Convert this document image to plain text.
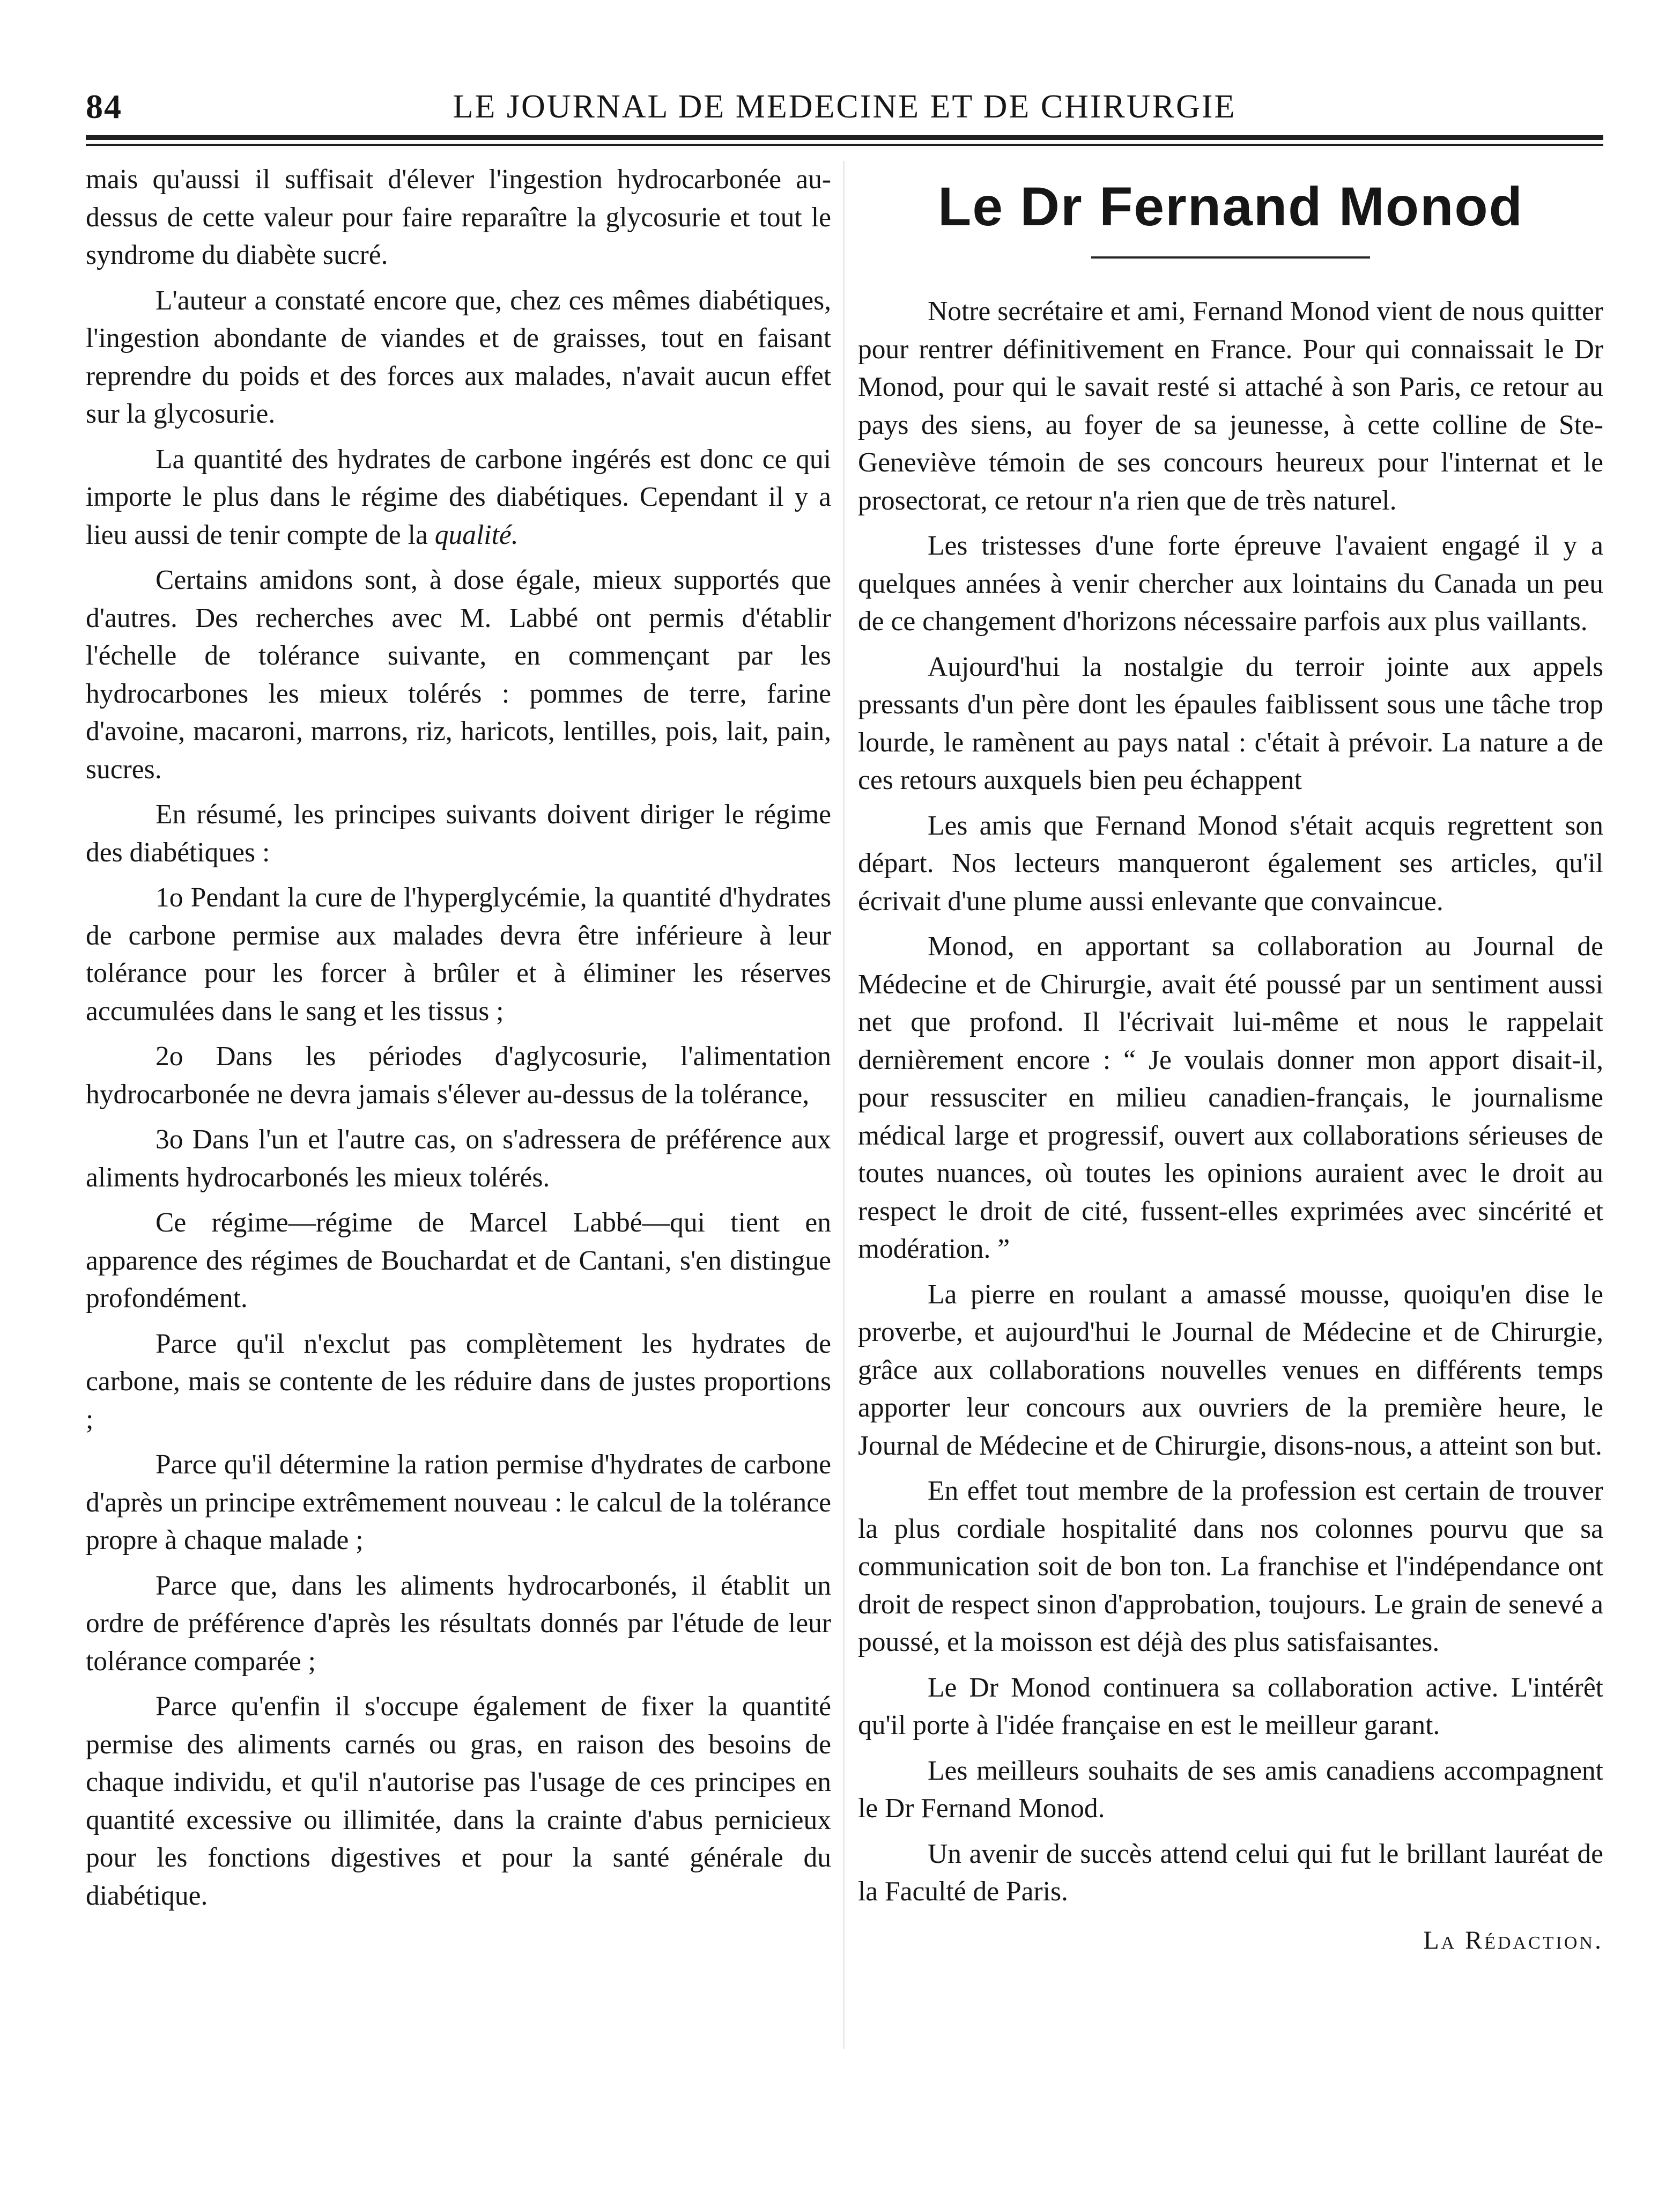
84	LE JOURNAL DE MEDECINE ET DE CHIRURGIE

mais qu'aussi il suffisait d'élever l'ingestion hydrocarbonée au-dessus de cette valeur pour faire reparaître la glycosurie et tout le syndrome du diabète sucré.

L'auteur a constaté encore que, chez ces mêmes diabétiques, l'ingestion abondante de viandes et de graisses, tout en faisant reprendre du poids et des forces aux malades, n'avait aucun effet sur la glycosurie.

La quantité des hydrates de carbone ingérés est donc ce qui importe le plus dans le régime des diabétiques. Cependant il y a lieu aussi de tenir compte de la qualité.

Certains amidons sont, à dose égale, mieux supportés que d'autres. Des recherches avec M. Labbé ont permis d'établir l'échelle de tolérance suivante, en commençant par les hydrocarbones les mieux tolérés : pommes de terre, farine d'avoine, macaroni, marrons, riz, haricots, lentilles, pois, lait, pain, sucres.

En résumé, les principes suivants doivent diriger le régime des diabétiques :

1o Pendant la cure de l'hyperglycémie, la quantité d'hydrates de carbone permise aux malades devra être inférieure à leur tolérance pour les forcer à brûler et à éliminer les réserves accumulées dans le sang et les tissus ;

2o Dans les périodes d'aglycosurie, l'alimentation hydrocarbonée ne devra jamais s'élever au-dessus de la tolérance,

3o Dans l'un et l'autre cas, on s'adressera de préférence aux aliments hydrocarbonés les mieux tolérés.

Ce régime—régime de Marcel Labbé—qui tient en apparence des régimes de Bouchardat et de Cantani, s'en distingue profondément.

Parce qu'il n'exclut pas complètement les hydrates de carbone, mais se contente de les réduire dans de justes proportions ;

Parce qu'il détermine la ration permise d'hydrates de carbone d'après un principe extrêmement nouveau : le calcul de la tolérance propre à chaque malade ;

Parce que, dans les aliments hydrocarbonés, il établit un ordre de préférence d'après les résultats donnés par l'étude de leur tolérance comparée ;

Parce qu'enfin il s'occupe également de fixer la quantité permise des aliments carnés ou gras, en raison des besoins de chaque individu, et qu'il n'autorise pas l'usage de ces principes en quantité excessive ou illimitée, dans la crainte d'abus pernicieux pour les fonctions digestives et pour la santé générale du diabétique.

Le Dr Fernand Monod

Notre secrétaire et ami, Fernand Monod vient de nous quitter pour rentrer définitivement en France. Pour qui connaissait le Dr Monod, pour qui le savait resté si attaché à son Paris, ce retour au pays des siens, au foyer de sa jeunesse, à cette colline de Ste-Geneviève témoin de ses concours heureux pour l'internat et le prosectorat, ce retour n'a rien que de très naturel.

Les tristesses d'une forte épreuve l'avaient engagé il y a quelques années à venir chercher aux lointains du Canada un peu de ce changement d'horizons nécessaire parfois aux plus vaillants.

Aujourd'hui la nostalgie du terroir jointe aux appels pressants d'un père dont les épaules faiblissent sous une tâche trop lourde, le ramènent au pays natal : c'était à prévoir. La nature a de ces retours auxquels bien peu échappent

Les amis que Fernand Monod s'était acquis regrettent son départ. Nos lecteurs manqueront également ses articles, qu'il écrivait d'une plume aussi enlevante que convaincue.

Monod, en apportant sa collaboration au Journal de Médecine et de Chirurgie, avait été poussé par un sentiment aussi net que profond. Il l'écrivait lui-même et nous le rappelait dernièrement encore : “ Je voulais donner mon apport disait-il, pour ressusciter en milieu canadien-français, le journalisme médical large et progressif, ouvert aux collaborations sérieuses de toutes nuances, où toutes les opinions auraient avec le droit au respect le droit de cité, fussent-elles exprimées avec sincérité et modération. ”

La pierre en roulant a amassé mousse, quoiqu'en dise le proverbe, et aujourd'hui le Journal de Médecine et de Chirurgie, grâce aux collaborations nouvelles venues en différents temps apporter leur concours aux ouvriers de la première heure, le Journal de Médecine et de Chirurgie, disons-nous, a atteint son but.

En effet tout membre de la profession est certain de trouver la plus cordiale hospitalité dans nos colonnes pourvu que sa communication soit de bon ton. La franchise et l'indépendance ont droit de respect sinon d'approbation, toujours. Le grain de senevé a poussé, et la moisson est déjà des plus satisfaisantes.

Le Dr Monod continuera sa collaboration active. L'intérêt qu'il porte à l'idée française en est le meilleur garant.

Les meilleurs souhaits de ses amis canadiens accompagnent le Dr Fernand Monod.

Un avenir de succès attend celui qui fut le brillant lauréat de la Faculté de Paris.

La Rédaction.
